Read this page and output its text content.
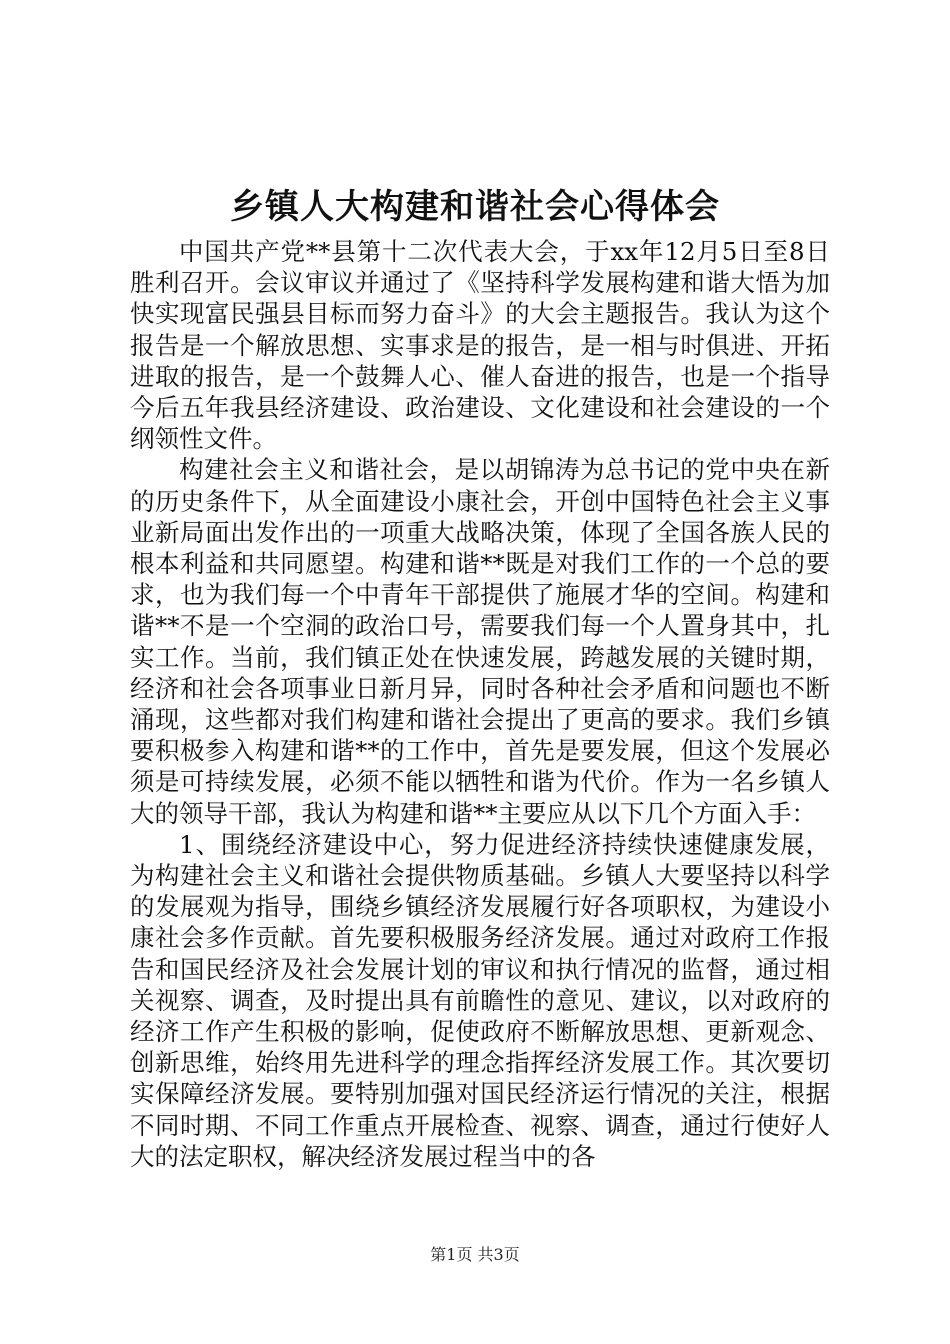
乡镇人大构建和谐社会心得体会

中国共产党**县第十二次代表大会，于xx年12月5日至8日胜利召开。会议审议并通过了《坚持科学发展构建和谐大悟为加快实现富民强县目标而努力奋斗》的大会主题报告。我认为这个报告是一个解放思想、实事求是的报告，是一相与时俱进、开拓进取的报告，是一个鼓舞人心、催人奋进的报告，也是一个指导今后五年我县经济建设、政治建设、文化建设和社会建设的一个纲领性文件。

构建社会主义和谐社会，是以胡锦涛为总书记的党中央在新的历史条件下，从全面建设小康社会，开创中国特色社会主义事业新局面出发作出的一项重大战略决策，体现了全国各族人民的根本利益和共同愿望。构建和谐**既是对我们工作的一个总的要求，也为我们每一个中青年干部提供了施展才华的空间。构建和谐**不是一个空洞的政治口号，需要我们每一个人置身其中，扎实工作。当前，我们镇正处在快速发展，跨越发展的关键时期，经济和社会各项事业日新月异，同时各种社会矛盾和问题也不断涌现，这些都对我们构建和谐社会提出了更高的要求。我们乡镇要积极参入构建和谐**的工作中，首先是要发展，但这个发展必须是可持续发展，必须不能以牺牲和谐为代价。作为一名乡镇人大的领导干部，我认为构建和谐**主要应从以下几个方面入手：

1、围绕经济建设中心，努力促进经济持续快速健康发展，为构建社会主义和谐社会提供物质基础。乡镇人大要坚持以科学的发展观为指导，围绕乡镇经济发展履行好各项职权，为建设小康社会多作贡献。首先要积极服务经济发展。通过对政府工作报告和国民经济及社会发展计划的审议和执行情况的监督，通过相关视察、调查，及时提出具有前瞻性的意见、建议，以对政府的经济工作产生积极的影响，促使政府不断解放思想、更新观念、创新思维，始终用先进科学的理念指挥经济发展工作。其次要切实保障经济发展。要特别加强对国民经济运行情况的关注，根据不同时期、不同工作重点开展检查、视察、调查，通过行使好人大的法定职权，解决经济发展过程当中的各

第1页 共3页
